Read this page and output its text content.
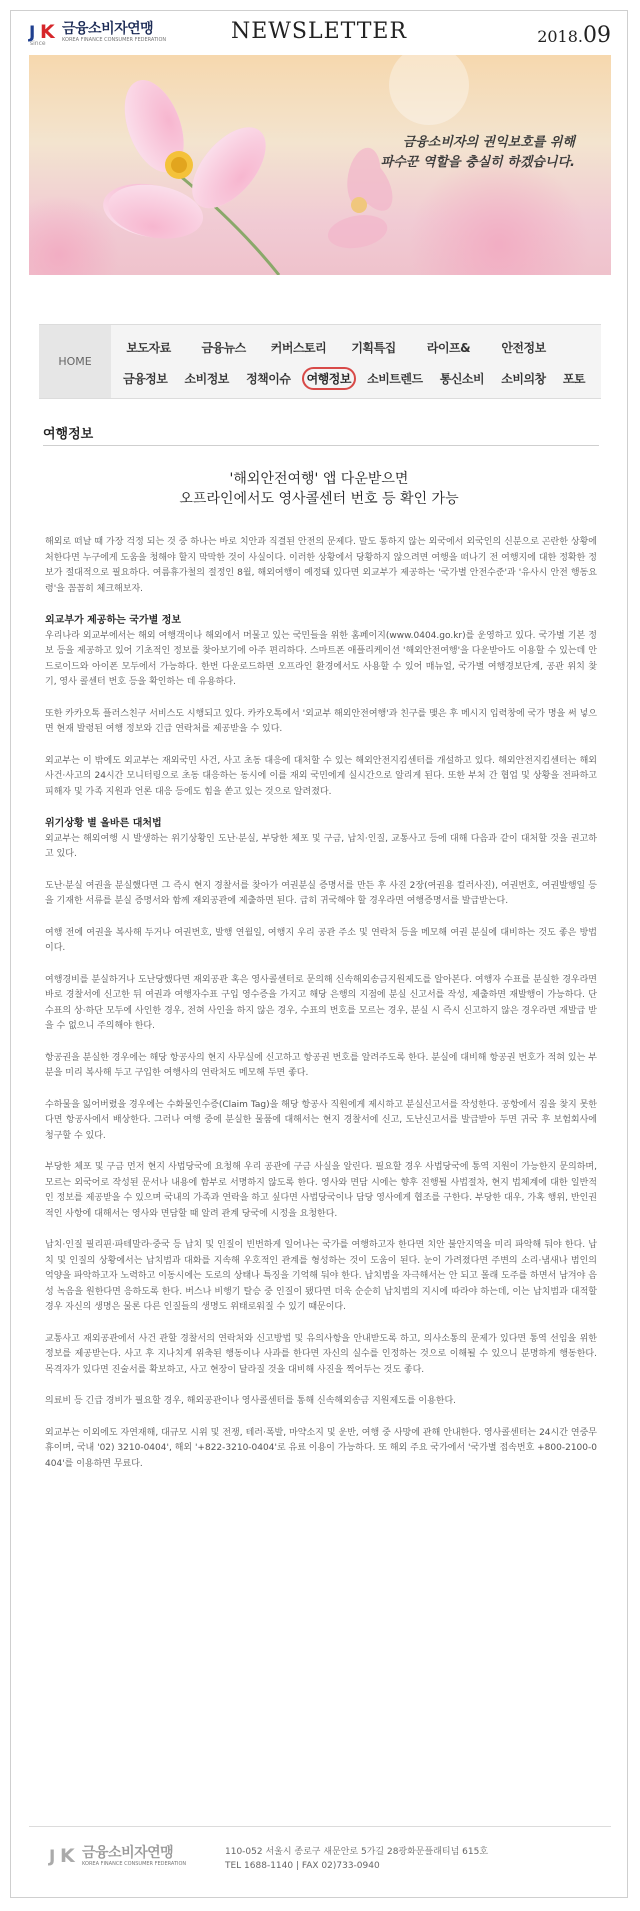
J K
since
금융소비자연맹
KOREA FINANCE CONSUMER FEDERATION	NEWSLETTER	2018.09
금융소비자의 권익보호를 위해
파수꾼 역할을 충실히 하겠습니다.
HOME
보도자료	금융뉴스	커버스토리	기획특집	라이프&	안전정보
금융정보	소비정보	정책이슈	여행정보	소비트렌드	통신소비	소비의창	포토
여행정보
'해외안전여행' 앱 다운받으면
오프라인에서도 영사콜센터 번호 등 확인 가능

해외로 떠날 때 가장 걱정 되는 것 중 하나는 바로 치안과 직결된 안전의 문제다. 말도 통하지 않는 외국에서 외국인의 신분으로 곤란한 상황에 처한다면 누구에게 도움을 청해야 할지 막막한 것이 사실이다. 이러한 상황에서 당황하지 않으려면 여행을 떠나기 전 여행지에 대한 정확한 정보가 절대적으로 필요하다. 여름휴가철의 절정인 8월, 해외여행이 예정돼 있다면 외교부가 제공하는 '국가별 안전수준'과 '유사시 안전 행동요령'을 꼼꼼히 체크해보자.

외교부가 제공하는 국가별 정보

우리나라 외교부에서는 해외 여행객이나 해외에서 머물고 있는 국민들을 위한 홈페이지(www.0404.go.kr)를 운영하고 있다. 국가별 기본 정보 등을 제공하고 있어 기초적인 정보를 찾아보기에 아주 편리하다. 스마트폰 애플리케이션 '해외안전여행'을 다운받아도 이용할 수 있는데 안드로이드와 아이폰 모두에서 가능하다. 한번 다운로드하면 오프라인 환경에서도 사용할 수 있어 매뉴얼, 국가별 여행경보단계, 공관 위치 찾기, 영사 콜센터 번호 등을 확인하는 데 유용하다.

또한 카카오톡 플러스친구 서비스도 시행되고 있다. 카카오톡에서 '외교부 해외안전여행'과 친구를 맺은 후 메시지 입력창에 국가 명을 써 넣으면 현재 발령된 여행 정보와 긴급 연락처를 제공받을 수 있다.

외교부는 이 밖에도 외교부는 재외국민 사건, 사고 초동 대응에 대처할 수 있는 해외안전지킴센터를 개설하고 있다. 해외안전지킴센터는 해외 사건·사고의 24시간 모니터링으로 초동 대응하는 동시에 이를 재외 국민에게 실시간으로 알리게 된다. 또한 부처 간 협업 및 상황을 전파하고 피해자 및 가족 지원과 언론 대응 등에도 힘을 쏟고 있는 것으로 알려졌다.

위기상황 별 올바른 대처법

외교부는 해외여행 시 발생하는 위기상황인 도난·분실, 부당한 체포 및 구금, 납치·인질, 교통사고 등에 대해 다음과 같이 대처할 것을 권고하고 있다.

도난·분실 여권을 분실했다면 그 즉시 현지 경찰서를 찾아가 여권분실 증명서를 만든 후 사진 2장(여권용 컬러사진), 여권번호, 여권발행일 등을 기재한 서류를 분실 증명서와 함께 재외공관에 제출하면 된다. 급히 귀국해야 할 경우라면 여행증명서를 발급받는다.

여행 전에 여권을 복사해 두거나 여권번호, 발행 연월일, 여행지 우리 공관 주소 및 연락처 등을 메모해 여권 분실에 대비하는 것도 좋은 방법이다.

여행경비를 분실하거나 도난당했다면 재외공관 혹은 영사콜센터로 문의해 신속해외송금지원제도를 알아본다. 여행자 수표를 분실한 경우라면 바로 경찰서에 신고한 뒤 여권과 여행자수표 구입 영수증을 가지고 해당 은행의 지점에 분실 신고서를 작성, 제출하면 재발행이 가능하다. 단 수표의 상·하단 모두에 사인한 경우, 전혀 사인을 하지 않은 경우, 수표의 번호를 모르는 경우, 분실 시 즉시 신고하지 않은 경우라면 재발급 받을 수 없으니 주의해야 한다.

항공권을 분실한 경우에는 해당 항공사의 현지 사무실에 신고하고 항공권 번호를 알려주도록 한다. 분실에 대비해 항공권 번호가 적혀 있는 부분을 미리 복사해 두고 구입한 여행사의 연락처도 메모해 두면 좋다.

수하물을 잃어버렸을 경우에는 수화물인수증(Claim Tag)을 해당 항공사 직원에게 제시하고 분실신고서를 작성한다. 공항에서 짐을 찾지 못한다면 항공사에서 배상한다. 그러나 여행 중에 분실한 물품에 대해서는 현지 경찰서에 신고, 도난신고서를 발급받아 두면 귀국 후 보험회사에 청구할 수 있다.

부당한 체포 및 구금 먼저 현지 사법당국에 요청해 우리 공관에 구금 사실을 알린다. 필요할 경우 사법당국에 통역 지원이 가능한지 문의하며, 모르는 외국어로 작성된 문서나 내용에 함부로 서명하지 않도록 한다. 영사와 면담 시에는 향후 진행될 사법절차, 현지 법체계에 대한 일반적인 정보를 제공받을 수 있으며 국내의 가족과 연락을 하고 싶다면 사법당국이나 담당 영사에게 협조를 구한다. 부당한 대우, 가혹 행위, 반인권적인 사항에 대해서는 영사와 면담할 때 알려 관계 당국에 시정을 요청한다.

납치·인질 필리핀·파테말라·중국 등 납치 및 인질이 빈번하게 일어나는 국가를 여행하고자 한다면 치안 불안지역을 미리 파악해 둬야 한다. 납치 및 인질의 상황에서는 납치범과 대화를 지속해 우호적인 관계를 형성하는 것이 도움이 된다. 눈이 가려졌다면 주변의 소리·냄새나 범인의 억양을 파악하고자 노력하고 이동시에는 도로의 상태나 특징을 기억해 둬야 한다. 납치범을 자극해서는 안 되고 몰래 도주를 하면서 남겨야 음성 녹음을 원한다면 응하도록 한다. 버스나 비행기 탈승 중 인질이 됐다면 더욱 순순히 납치범의 지시에 따라야 하는데, 이는 납치범과 대적할 경우 자신의 생명은 물론 다른 인질들의 생명도 위태로워질 수 있기 때문이다.

교통사고 재외공관에서 사건 관할 경찰서의 연락처와 신고방법 및 유의사항을 안내받도록 하고, 의사소통의 문제가 있다면 통역 선임을 위한 정보를 제공받는다. 사고 후 지나치게 위축된 행동이나 사과를 한다면 자신의 실수를 인정하는 것으로 이해될 수 있으니 분명하게 행동한다. 목격자가 있다면 진술서를 확보하고, 사고 현장이 달라질 것을 대비해 사진을 찍어두는 것도 좋다.

의료비 등 긴급 경비가 필요할 경우, 해외공관이나 영사콜센터를 통해 신속해외송금 지원제도를 이용한다.

외교부는 이외에도 자연재해, 대규모 시위 및 전쟁, 테러·폭발, 마약소지 및 운반, 여행 중 사망에 관해 안내한다. 영사콜센터는 24시간 연중무휴이며, 국내 '02) 3210-0404', 해외 '+822-3210-0404'로 유료 이용이 가능하다. 또 해외 주요 국가에서 '국가별 접속번호 +800-2100-0404'를 이용하면 무료다.

J K 금융소비자연맹
KOREA FINANCE CONSUMER FEDERATION
110-052 서울시 종로구 새문안로 5가길 28광화문플래티넘 615호
TEL 1688-1140 | FAX 02)733-0940
